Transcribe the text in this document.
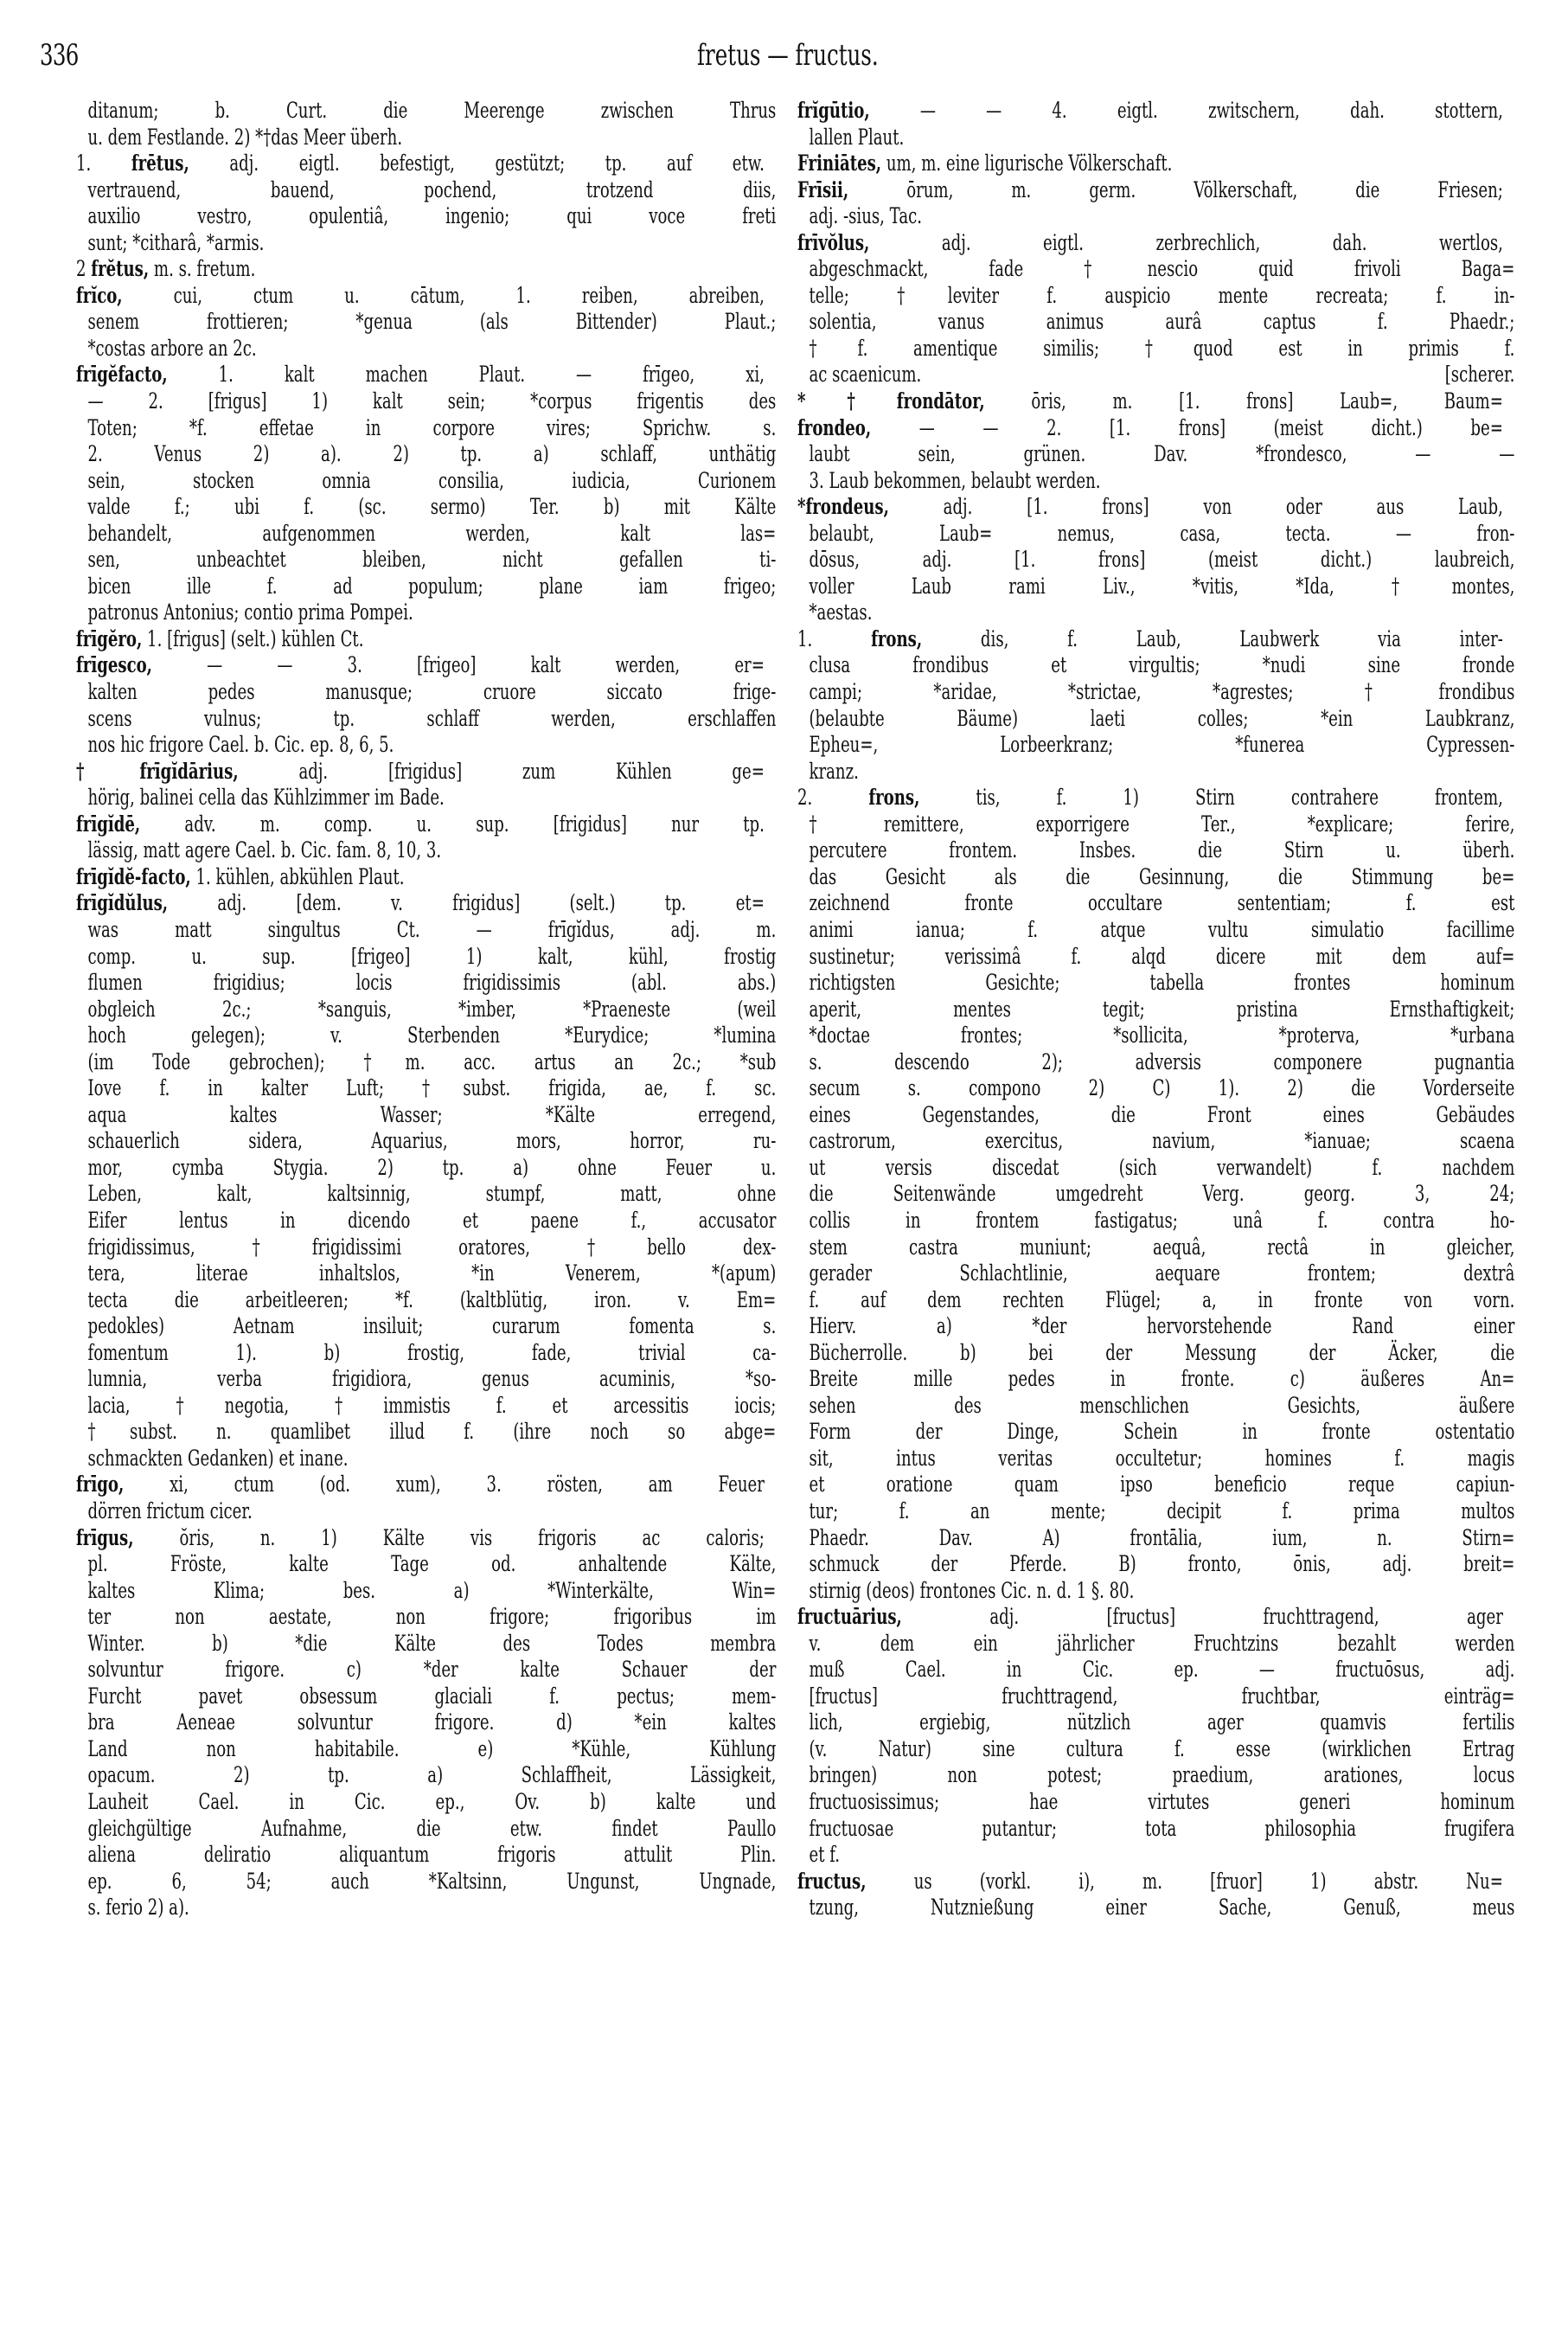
336	fretus — fructus.
ditanum; b. Curt. die Meerenge zwischen Thrus
u. dem Festlande. 2) *†das Meer überh.
1. frētus, adj. eigtl. befestigt, gestützt; tp. auf etw.
vertrauend, bauend, pochend, trotzend diis,
auxilio vestro, opulentiâ, ingenio; qui voce freti
sunt; *citharâ, *armis.
2 frĕtus, m. s. fretum.
frĭco, cui, ctum u. cātum, 1. reiben, abreiben,
senem frottieren; *genua (als Bittender) Plaut.;
*costas arbore an 2c.
frīgĕfacto, 1. kalt machen Plaut. — frīgeo, xi,
— 2. [frigus] 1) kalt sein; *corpus frigentis des
Toten; *f. effetae in corpore vires; Sprichw. s.
2. Venus 2) a). 2) tp. a) schlaff, unthätig
sein, stocken omnia consilia, iudicia, Curionem
valde f.; ubi f. (sc. sermo) Ter. b) mit Kälte
behandelt, aufgenommen werden, kalt las=
sen, unbeachtet bleiben, nicht gefallen ti-
bicen ille f. ad populum; plane iam frigeo;
patronus Antonius; contio prima Pompei.
frīgĕro, 1. [frigus] (selt.) kühlen Ct.
frīgesco, — — 3. [frigeo] kalt werden, er=
kalten pedes manusque; cruore siccato frige-
scens vulnus; tp. schlaff werden, erschlaffen
nos hic frigore Cael. b. Cic. ep. 8, 6, 5.
†frīgĭdārius, adj. [frigidus] zum Kühlen ge=
hörig, balinei cella das Kühlzimmer im Bade.
frīgĭdē, adv. m. comp. u. sup. [frigidus] nur tp.
lässig, matt agere Cael. b. Cic. fam. 8, 10, 3.
frīgĭdĕ-facto, 1. kühlen, abkühlen Plaut.
frīgĭdŭlus, adj. [dem. v. frigidus] (selt.) tp. et=
was matt singultus Ct. — frīgĭdus, adj. m.
comp. u. sup. [frigeo] 1) kalt, kühl, frostig
flumen frigidius; locis frigidissimis (abl. abs.)
obgleich 2c.; *sanguis, *imber, *Praeneste (weil
hoch gelegen); v. Sterbenden *Eurydice; *lumina
(im Tode gebrochen); †m. acc. artus an 2c.; *sub
Iove f. in kalter Luft; †subst. frigida, ae, f. sc.
aqua kaltes Wasser; *Kälte erregend,
schauerlich sidera, Aquarius, mors, horror, ru-
mor, cymba Stygia. 2) tp. a) ohne Feuer u.
Leben, kalt, kaltsinnig, stumpf, matt, ohne
Eifer lentus in dicendo et paene f., accusator
frigidissimus, †frigidissimi oratores, †bello dex-
tera, literae inhaltslos, *in Venerem, *(apum)
tecta die arbeitleeren; *f. (kaltblütig, iron. v. Em=
pedokles) Aetnam insiluit; curarum fomenta s.
fomentum 1). b) frostig, fade, trivial ca-
lumnia, verba frigidiora, genus acuminis, *so-
lacia, †negotia, †immistis f. et arcessitis iocis;
†subst. n. quamlibet illud f. (ihre noch so abge=
schmackten Gedanken) et inane.
frīgo, xi, ctum (od. xum), 3. rösten, am Feuer
dörren frictum cicer.
frīgus, ŏris, n. 1) Kälte vis frigoris ac caloris;
pl. Fröste, kalte Tage od. anhaltende Kälte,
kaltes Klima; bes. a) *Winterkälte, Win=
ter non aestate, non frigore; frigoribus im
Winter. b) *die Kälte des Todes membra
solvuntur frigore. c) *der kalte Schauer der
Furcht pavet obsessum glaciali f. pectus; mem-
bra Aeneae solvuntur frigore. d) *ein kaltes
Land non habitabile. e) *Kühle, Kühlung
opacum. 2) tp. a) Schlaffheit, Lässigkeit,
Lauheit Cael. in Cic. ep., Ov. b) kalte und
gleichgültige Aufnahme, die etw. findet Paullo
aliena deliratio aliquantum frigoris attulit Plin.
ep. 6, 54; auch *Kaltsinn, Ungunst, Ungnade,
s. ferio 2) a).
frĭgūtio, — — 4. eigtl. zwitschern, dah. stottern,
lallen Plaut.
Friniātes, um, m. eine ligurische Völkerschaft.
Frīsii, ōrum, m. germ. Völkerschaft, die Friesen;
adj. -sius, Tac.
frīvŏlus, adj. eigtl. zerbrechlich, dah. wertlos,
abgeschmackt, fade †nescio quid frivoli Baga=
telle; †leviter f. auspicio mente recreata; f. in-
solentia, vanus animus aurâ captus f. Phaedr.;
†f. amentique similis; †quod est in primis f.
ac scaenicum.	[scherer.
*†frondātor, ōris, m. [1. frons] Laub=, Baum=
frondeo, — — 2. [1. frons] (meist dicht.) be=
laubt sein, grünen. Dav. *frondesco, — —
3. Laub bekommen, belaubt werden.
*frondeus, adj. [1. frons] von oder aus Laub,
belaubt, Laub= nemus, casa, tecta. — fron-
dōsus, adj. [1. frons] (meist dicht.) laubreich,
voller Laub rami Liv., *vitis, *Ida, †montes,
*aestas.
1. frons, dis, f. Laub, Laubwerk via inter-
clusa frondibus et virgultis; *nudi sine fronde
campi; *aridae, *strictae, *agrestes; †frondibus
(belaubte Bäume) laeti colles; *ein Laubkranz,
Epheu=, Lorbeerkranz; *funerea Cypressen-
kranz.
2. frons, tis, f. 1) Stirn contrahere frontem,
†remittere, exporrigere Ter., *explicare; ferire,
percutere frontem. Insbes. die Stirn u. überh.
das Gesicht als die Gesinnung, die Stimmung be=
zeichnend fronte occultare sententiam; f. est
animi ianua; f. atque vultu simulatio facillime
sustinetur; verissimâ f. alqd dicere mit dem auf=
richtigsten Gesichte; tabella frontes hominum
aperit, mentes tegit; pristina Ernsthaftigkeit;
*doctae frontes; *sollicita, *proterva, *urbana
s. descendo 2); adversis componere pugnantia
secum s. compono 2) C) 1). 2) die Vorderseite
eines Gegenstandes, die Front eines Gebäudes
castrorum, exercitus, navium, *ianuae; scaena
ut versis discedat (sich verwandelt) f. nachdem
die Seitenwände umgedreht Verg. georg. 3, 24;
collis in frontem fastigatus; unâ f. contra ho-
stem castra muniunt; aequâ, rectâ in gleicher,
gerader Schlachtlinie, aequare frontem; dextrâ
f. auf dem rechten Flügel; a, in fronte von vorn.
Hierv. a) *der hervorstehende Rand einer
Bücherrolle. b) bei der Messung der Äcker, die
Breite mille pedes in fronte. c) äußeres An=
sehen des menschlichen Gesichts, äußere
Form der Dinge, Schein in fronte ostentatio
sit, intus veritas occultetur; homines f. magis
et oratione quam ipso beneficio reque capiun-
tur; f. an mente; decipit f. prima multos
Phaedr. Dav. A) frontālia, ium, n. Stirn=
schmuck der Pferde. B) fronto, ōnis, adj. breit=
stirnig (deos) frontones Cic. n. d. 1 §. 80.
fructuārius, adj. [fructus] fruchttragend, ager
v. dem ein jährlicher Fruchtzins bezahlt werden
muß Cael. in Cic. ep. — fructuōsus, adj.
[fructus] fruchttragend, fruchtbar, einträg=
lich, ergiebig, nützlich ager quamvis fertilis
(v. Natur) sine cultura f. esse (wirklichen Ertrag
bringen) non potest; praedium, arationes, locus
fructuosissimus; hae virtutes generi hominum
fructuosae putantur; tota philosophia frugifera
et f.
fructus, us (vorkl. i), m. [fruor] 1) abstr. Nu=
tzung, Nutznießung einer Sache, Genuß, meus
